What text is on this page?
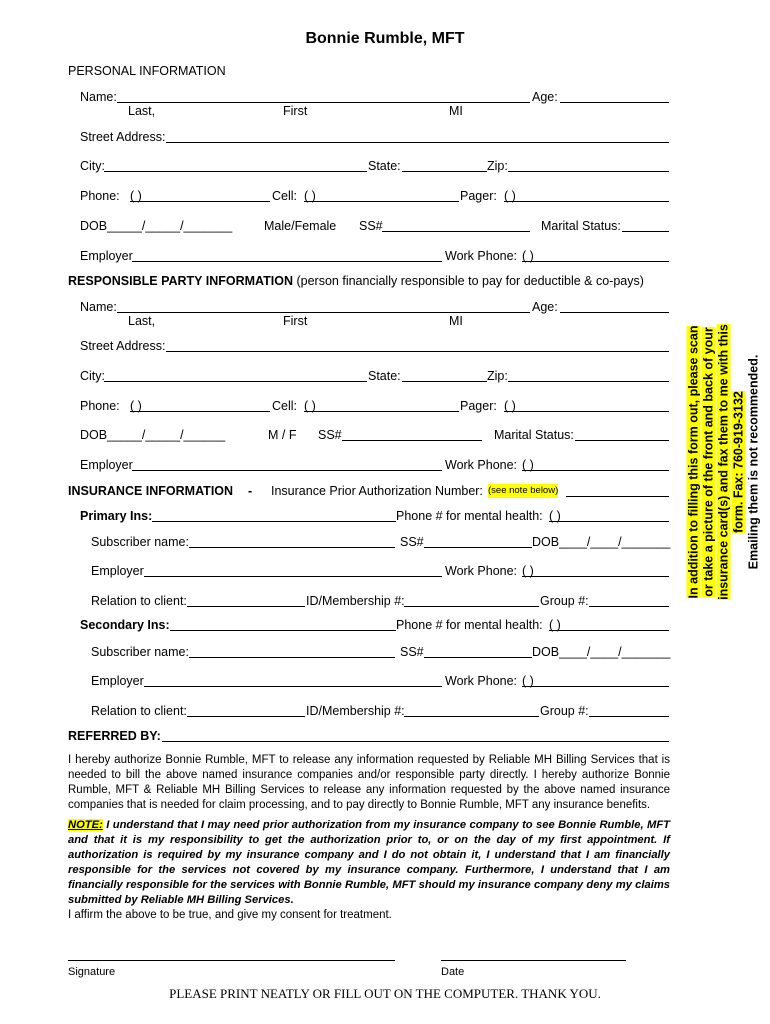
Bonnie Rumble, MFT
PERSONAL INFORMATION
Name:	Age:
Last,	First	MI
Street Address:
City:	State:	Zip:
Phone: ( )	Cell: ( )	Pager: ( )
DOB_____/_____/_______	Male/Female SS#	Marital Status:
Employer	Work Phone: ( )
RESPONSIBLE PARTY INFORMATION (person financially responsible to pay for deductible & co-pays)
Name:	Age:
Last,	First	MI
Street Address:
City:	State:	Zip:
Phone: ( )	Cell: ( )	Pager: ( )
DOB_____/_____/______	M / F SS#	Marital Status:
Employer	Work Phone: ( )
INSURANCE INFORMATION - Insurance Prior Authorization Number: (see note below)
Primary Ins:	Phone # for mental health: ( )
Subscriber name:	SS#	DOB____/____/_______
Employer	Work Phone: ( )
Relation to client:	ID/Membership #:	Group #:
Secondary Ins:	Phone # for mental health: ( )
Subscriber name:	SS#	DOB____/____/_______
Employer	Work Phone: ( )
Relation to client:	ID/Membership #:	Group #:
REFERRED BY:
I hereby authorize Bonnie Rumble, MFT to release any information requested by Reliable MH Billing Services that is needed to bill the above named insurance companies and/or responsible party directly. I hereby authorize Bonnie Rumble, MFT & Reliable MH Billing Services to release any information requested by the above named insurance companies that is needed for claim processing, and to pay directly to Bonnie Rumble, MFT any insurance benefits.
NOTE: I understand that I may need prior authorization from my insurance company to see Bonnie Rumble, MFT and that it is my responsibility to get the authorization prior to, or on the day of my first appointment. If authorization is required by my insurance company and I do not obtain it, I understand that I am financially responsible for the services not covered by my insurance company. Furthermore, I understand that I am financially responsible for the services with Bonnie Rumble, MFT should my insurance company deny my claims submitted by Reliable MH Billing Services.
I affirm the above to be true, and give my consent for treatment.
Signature	Date
PLEASE PRINT NEATLY OR FILL OUT ON THE COMPUTER. THANK YOU.
In addition to filling this form out, please scan or take a picture of the front and back of your insurance card(s) and fax them to me with this form. Fax: 760-919-3132
Emailing them is not recommended.
